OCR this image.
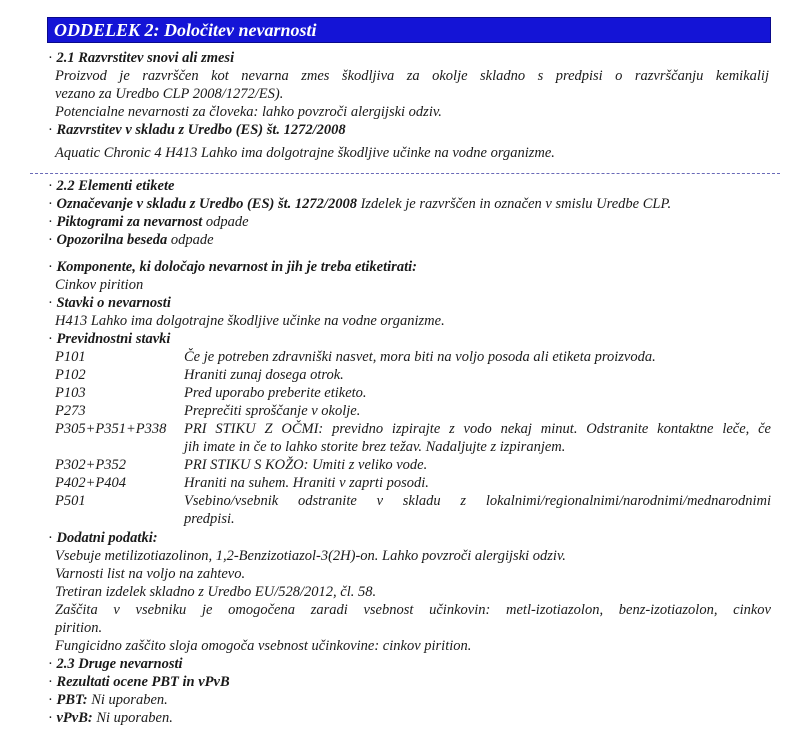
ODDELEK 2: Določitev nevarnosti
· 2.1 Razvrstitev snovi ali zmesi
Proizvod je razvrščen kot nevarna zmes škodljiva za okolje skladno s predpisi o razvrščanju kemikalij
vezano za Uredbo CLP 2008/1272/ES).
Potencialne nevarnosti za človeka: lahko povzroči alergijski odziv.
· Razvrstitev v skladu z Uredbo (ES) št. 1272/2008
Aquatic Chronic 4 H413 Lahko ima dolgotrajne škodljive učinke na vodne organizme.
· 2.2 Elementi etikete
· Označevanje v skladu z Uredbo (ES) št. 1272/2008 Izdelek je razvrščen in označen v smislu Uredbe CLP.
· Piktogrami za nevarnost odpade
· Opozorilna beseda odpade
· Komponente, ki določajo nevarnost in jih je treba etiketirati:
Cinkov pirition
· Stavki o nevarnosti
H413 Lahko ima dolgotrajne škodljive učinke na vodne organizme.
· Previdnostni stavki
P101	Če je potreben zdravniški nasvet, mora biti na voljo posoda ali etiketa proizvoda.
P102	Hraniti zunaj dosega otrok.
P103	Pred uporabo preberite etiketo.
P273	Preprečiti sproščanje v okolje.
P305+P351+P338 PRI STIKU Z OČMI: previdno izpirajte z vodo nekaj minut. Odstranite kontaktne leče, če
jih imate in če to lahko storite brez težav. Nadaljujte z izpiranjem.
P302+P352	PRI STIKU S KOŽO: Umiti z veliko vode.
P402+P404	Hraniti na suhem. Hraniti v zaprti posodi.
P501	Vsebino/vsebnik odstranite v skladu z lokalnimi/regionalnimi/narodnimi/mednarodnimi
predpisi.
· Dodatni podatki:
Vsebuje metilizotiazolinon, 1,2-Benzizotiazol-3(2H)-on. Lahko povzroči alergijski odziv.
Varnosti list na voljo na zahtevo.
Tretiran izdelek skladno z Uredbo EU/528/2012, čl. 58.
Zaščita v vsebniku je omogočena zaradi vsebnost učinkovin: metl-izotiazolon, benz-izotiazolon, cinkov
pirition.
Fungicidno zaščito sloja omogoča vsebnost učinkovine: cinkov pirition.
· 2.3 Druge nevarnosti
· Rezultati ocene PBT in vPvB
· PBT: Ni uporaben.
· vPvB: Ni uporaben.
